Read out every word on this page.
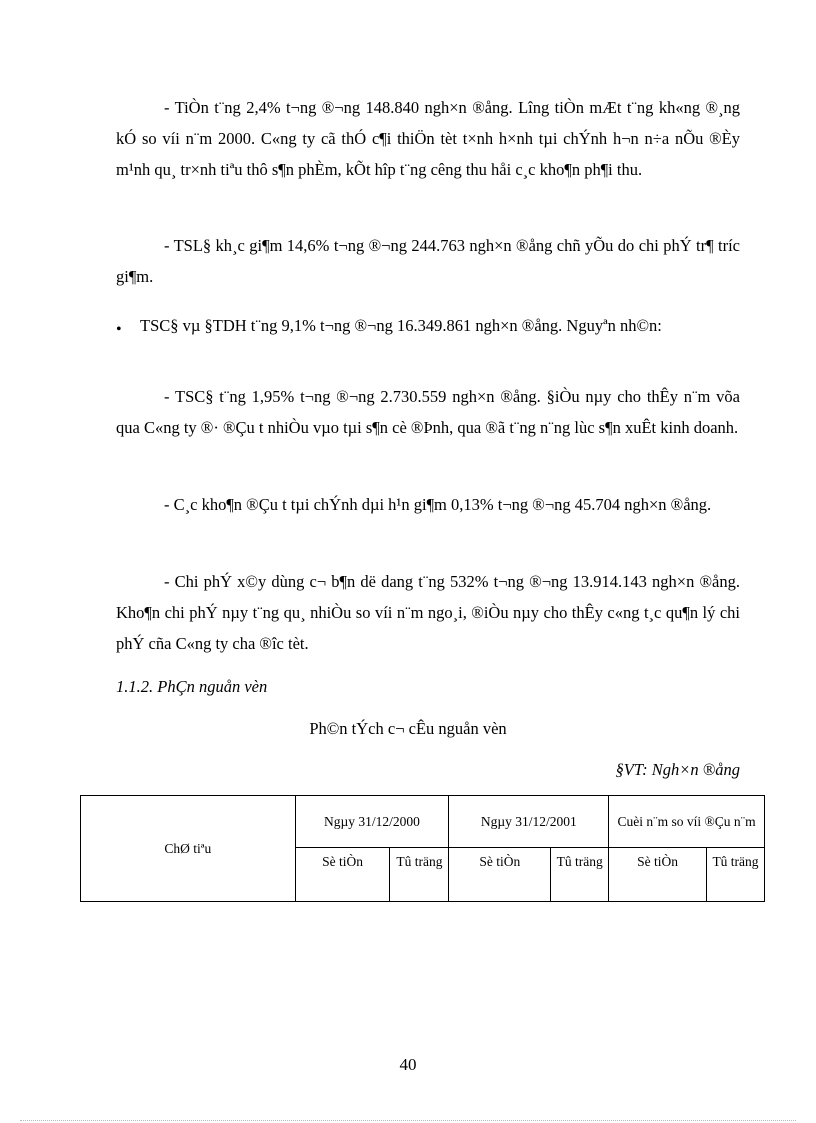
- TiÒn t¨ng 2,4% t¬ng ®¬ng 148.840 ngh×n ®ång. Lîng tiÒn mÆt t¨ng kh«ng ®¸ng kÓ so víi n¨m 2000. C«ng ty cã thÓ c¶i thiÖn tèt t×nh h×nh tµi chÝnh h¬n n÷a nÕu ®Èy m¹nh qu¸ tr×nh tiªu thô s¶n phÈm, kÕt hîp t¨ng cêng thu håi c¸c kho¶n ph¶i thu.

- TSL§ kh¸c gi¶m 14,6% t¬ng ®¬ng 244.763 ngh×n ®ång chñ yÕu do chi phÝ tr¶ tríc gi¶m.

• TSC§ vµ §TDH t¨ng 9,1% t¬ng ®¬ng 16.349.861 ngh×n ®ång. Nguyªn nh©n:

- TSC§ t¨ng 1,95% t¬ng ®¬ng 2.730.559 ngh×n ®ång. §iÒu nµy cho thÊy n¨m võa qua C«ng ty ®· ®Çu t nhiÒu vµo tµi s¶n cè ®Þnh, qua ®ã t¨ng n¨ng lùc s¶n xuÊt kinh doanh.

- C¸c kho¶n ®Çu t tµi chÝnh dµi h¹n gi¶m 0,13% t¬ng ®¬ng 45.704 ngh×n ®ång.

- Chi phÝ x©y dùng c¬ b¶n dë dang t¨ng 532% t¬ng ®¬ng 13.914.143 ngh×n ®ång. Kho¶n chi phÝ nµy t¨ng qu¸ nhiÒu so víi n¨m ngo¸i, ®iÒu nµy cho thÊy c«ng t¸c qu¶n lý chi phÝ cña C«ng ty cha ®îc tèt.

1.1.2. PhÇn nguån vèn
Ph©n tÝch c¬ cÊu nguån vèn
§VT: Ngh×n ®ång
ChØ tiªu	Ngµy 31/12/2000		Ngµy 31/12/2001		Cuèi n¨m so víi ®Çu n¨m	
	Sè tiÒn	Tû träng	Sè tiÒn	Tû träng	Sè tiÒn	Tû träng
40
